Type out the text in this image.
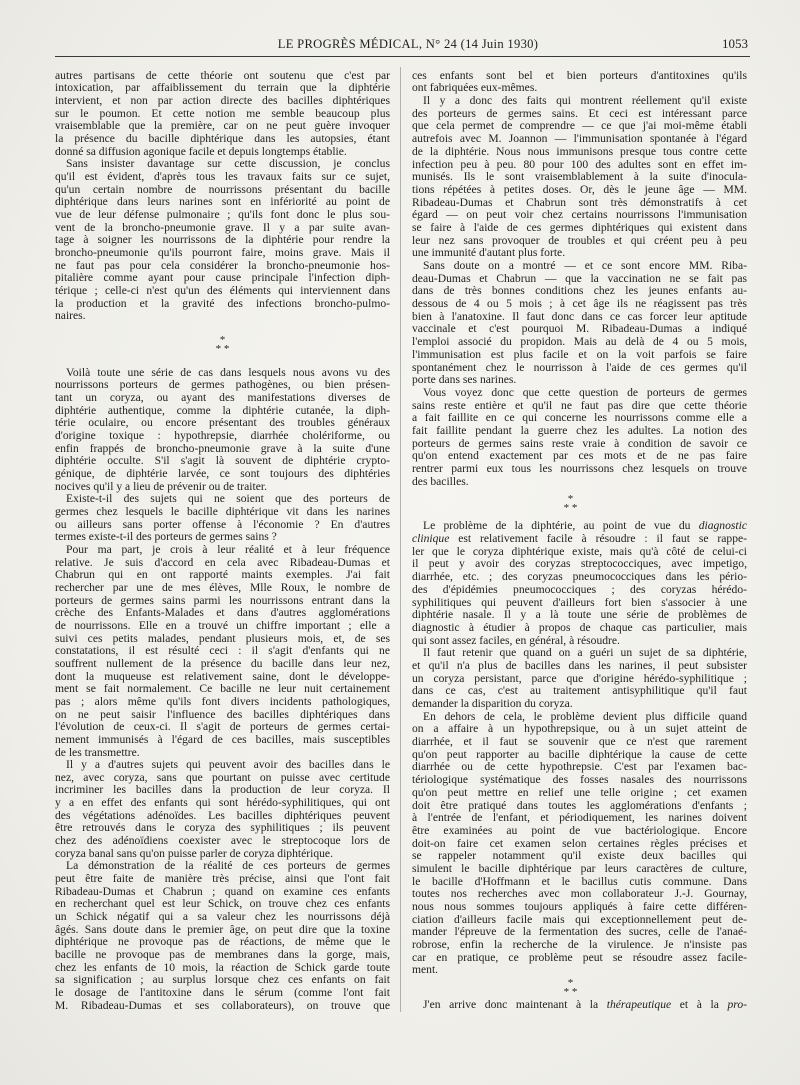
LE PROGRÈS MÉDICAL, N° 24 (14 Juin 1930)	1053
autres partisans de cette théorie ont soutenu que c'est par
intoxication, par affaiblissement du terrain que la diphtérie
intervient, et non par action directe des bacilles diphtériques
sur le poumon. Et cette notion me semble beaucoup plus
vraisemblable que la première, car on ne peut guère invoquer
la présence du bacille diphtérique dans les autopsies, étant
donné sa diffusion agonique facile et depuis longtemps établie.
Sans insister davantage sur cette discussion, je conclus
qu'il est évident, d'après tous les travaux faits sur ce sujet,
qu'un certain nombre de nourrissons présentant du bacille
diphtérique dans leurs narines sont en infériorité au point de
vue de leur défense pulmonaire ; qu'ils font donc le plus sou-
vent de la broncho-pneumonie grave. Il y a par suite avan-
tage à soigner les nourrissons de la diphtérie pour rendre la
broncho-pneumonie qu'ils pourront faire, moins grave. Mais il
ne faut pas pour cela considérer la broncho-pneumonie hos-
pitalière comme ayant pour cause principale l'infection diph-
térique ; celle-ci n'est qu'un des éléments qui interviennent dans
la production et la gravité des infections broncho-pulmo-
naires.
*
* *
Voilà toute une série de cas dans lesquels nous avons vu des
nourrissons porteurs de germes pathogènes, ou bien présen-
tant un coryza, ou ayant des manifestations diverses de
diphtérie authentique, comme la diphtérie cutanée, la diph-
térie oculaire, ou encore présentant des troubles généraux
d'origine toxique : hypothrepsie, diarrhée cholériforme, ou
enfin frappés de broncho-pneumonie grave à la suite d'une
diphtérie occulte. S'il s'agit là souvent de diphtérie crypto-
génique, de diphtérie larvée, ce sont toujours des diphtéries
nocives qu'il y a lieu de prévenir ou de traiter.
Existe-t-il des sujets qui ne soient que des porteurs de
germes chez lesquels le bacille diphtérique vit dans les narines
ou ailleurs sans porter offense à l'économie ? En d'autres
termes existe-t-il des porteurs de germes sains ?
Pour ma part, je crois à leur réalité et à leur fréquence
relative. Je suis d'accord en cela avec Ribadeau-Dumas et
Chabrun qui en ont rapporté maints exemples. J'ai fait
rechercher par une de mes élèves, Mlle Roux, le nombre de
porteurs de germes sains parmi les nourrissons entrant dans la
crèche des Enfants-Malades et dans d'autres agglomérations
de nourrissons. Elle en a trouvé un chiffre important ; elle a
suivi ces petits malades, pendant plusieurs mois, et, de ses
constatations, il est résulté ceci : il s'agit d'enfants qui ne
souffrent nullement de la présence du bacille dans leur nez,
dont la muqueuse est relativement saine, dont le développe-
ment se fait normalement. Ce bacille ne leur nuit certainement
pas ; alors même qu'ils font divers incidents pathologiques,
on ne peut saisir l'influence des bacilles diphtériques dans
l'évolution de ceux-ci. Il s'agit de porteurs de germes certai-
nement immunisés à l'égard de ces bacilles, mais susceptibles
de les transmettre.
Il y a d'autres sujets qui peuvent avoir des bacilles dans le
nez, avec coryza, sans que pourtant on puisse avec certitude
incriminer les bacilles dans la production de leur coryza. Il
y a en effet des enfants qui sont hérédo-syphilitiques, qui ont
des végétations adénoïdes. Les bacilles diphtériques peuvent
être retrouvés dans le coryza des syphilitiques ; ils peuvent
chez des adénoïdiens coexister avec le streptocoque lors de
coryza banal sans qu'on puisse parler de coryza diphtérique.
La démonstration de la réalité de ces porteurs de germes
peut être faite de manière très précise, ainsi que l'ont fait
Ribadeau-Dumas et Chabrun ; quand on examine ces enfants
en recherchant quel est leur Schick, on trouve chez ces enfants
un Schick négatif qui a sa valeur chez les nourrissons déjà
âgés. Sans doute dans le premier âge, on peut dire que la toxine
diphtérique ne provoque pas de réactions, de même que le
bacille ne provoque pas de membranes dans la gorge, mais,
chez les enfants de 10 mois, la réaction de Schick garde toute
sa signification ; au surplus lorsque chez ces enfants on fait
le dosage de l'antitoxine dans le sérum (comme l'ont fait
M. Ribadeau-Dumas et ses collaborateurs), on trouve que
ces enfants sont bel et bien porteurs d'antitoxines qu'ils
ont fabriquées eux-mêmes.
Il y a donc des faits qui montrent réellement qu'il existe
des porteurs de germes sains. Et ceci est intéressant parce
que cela permet de comprendre — ce que j'ai moi-même établi
autrefois avec M. Joannon — l'immunisation spontanée à l'égard
de la diphtérie. Nous nous immunisons presque tous contre cette
infection peu à peu. 80 pour 100 des adultes sont en effet im-
munisés. Ils le sont vraisemblablement à la suite d'inocula-
tions répétées à petites doses. Or, dès le jeune âge — MM.
Ribadeau-Dumas et Chabrun sont très démonstratifs à cet
égard — on peut voir chez certains nourrissons l'immunisation
se faire à l'aide de ces germes diphtériques qui existent dans
leur nez sans provoquer de troubles et qui créent peu à peu
une immunité d'autant plus forte.
Sans doute on a montré — et ce sont encore MM. Riba-
deau-Dumas et Chabrun — que la vaccination ne se fait pas
dans de très bonnes conditions chez les jeunes enfants au-
dessous de 4 ou 5 mois ; à cet âge ils ne réagissent pas très
bien à l'anatoxine. Il faut donc dans ce cas forcer leur aptitude
vaccinale et c'est pourquoi M. Ribadeau-Dumas a indiqué
l'emploi associé du propidon. Mais au delà de 4 ou 5 mois,
l'immunisation est plus facile et on la voit parfois se faire
spontanément chez le nourrisson à l'aide de ces germes qu'il
porte dans ses narines.
Vous voyez donc que cette question de porteurs de germes
sains reste entière et qu'il ne faut pas dire que cette théorie
a fait faillite en ce qui concerne les nourrissons comme elle a
fait faillite pendant la guerre chez les adultes. La notion des
porteurs de germes sains reste vraie à condition de savoir ce
qu'on entend exactement par ces mots et de ne pas faire
rentrer parmi eux tous les nourrissons chez lesquels on trouve
des bacilles.
*
* *
Le problème de la diphtérie, au point de vue du diagnostic
clinique est relativement facile à résoudre : il faut se rappe-
ler que le coryza diphtérique existe, mais qu'à côté de celui-ci
il peut y avoir des coryzas streptococciques, avec impetigo,
diarrhée, etc. ; des coryzas pneumococciques dans les pério-
des d'épidémies pneumococciques ; des coryzas hérédo-
syphilitiques qui peuvent d'ailleurs fort bien s'associer à une
diphtérie nasale. Il y a là toute une série de problèmes de
diagnostic à étudier à propos de chaque cas particulier, mais
qui sont assez faciles, en général, à résoudre.
Il faut retenir que quand on a guéri un sujet de sa diphtérie,
et qu'il n'a plus de bacilles dans les narines, il peut subsister
un coryza persistant, parce que d'origine hérédo-syphilitique ;
dans ce cas, c'est au traitement antisyphilitique qu'il faut
demander la disparition du coryza.
En dehors de cela, le problème devient plus difficile quand
on a affaire à un hypothrepsique, ou à un sujet atteint de
diarrhée, et il faut se souvenir que ce n'est que rarement
qu'on peut rapporter au bacille diphtérique la cause de cette
diarrhée ou de cette hypothrepsie. C'est par l'examen bac-
tériologique systématique des fosses nasales des nourrissons
qu'on peut mettre en relief une telle origine ; cet examen
doit être pratiqué dans toutes les agglomérations d'enfants ;
à l'entrée de l'enfant, et périodiquement, les narines doivent
être examinées au point de vue bactériologique. Encore
doit-on faire cet examen selon certaines règles précises et
se rappeler notamment qu'il existe deux bacilles qui
simulent le bacille diphtérique par leurs caractères de culture,
le bacille d'Hoffmann et le bacillus cutis commune. Dans
toutes nos recherches avec mon collaborateur J.-J. Gournay,
nous nous sommes toujours appliqués à faire cette différen-
ciation d'ailleurs facile mais qui exceptionnellement peut de-
mander l'épreuve de la fermentation des sucres, celle de l'anaé-
robrose, enfin la recherche de la virulence. Je n'insiste pas
car en pratique, ce problème peut se résoudre assez facile-
ment.
*
* *
J'en arrive donc maintenant à la thérapeutique et à la pro-
